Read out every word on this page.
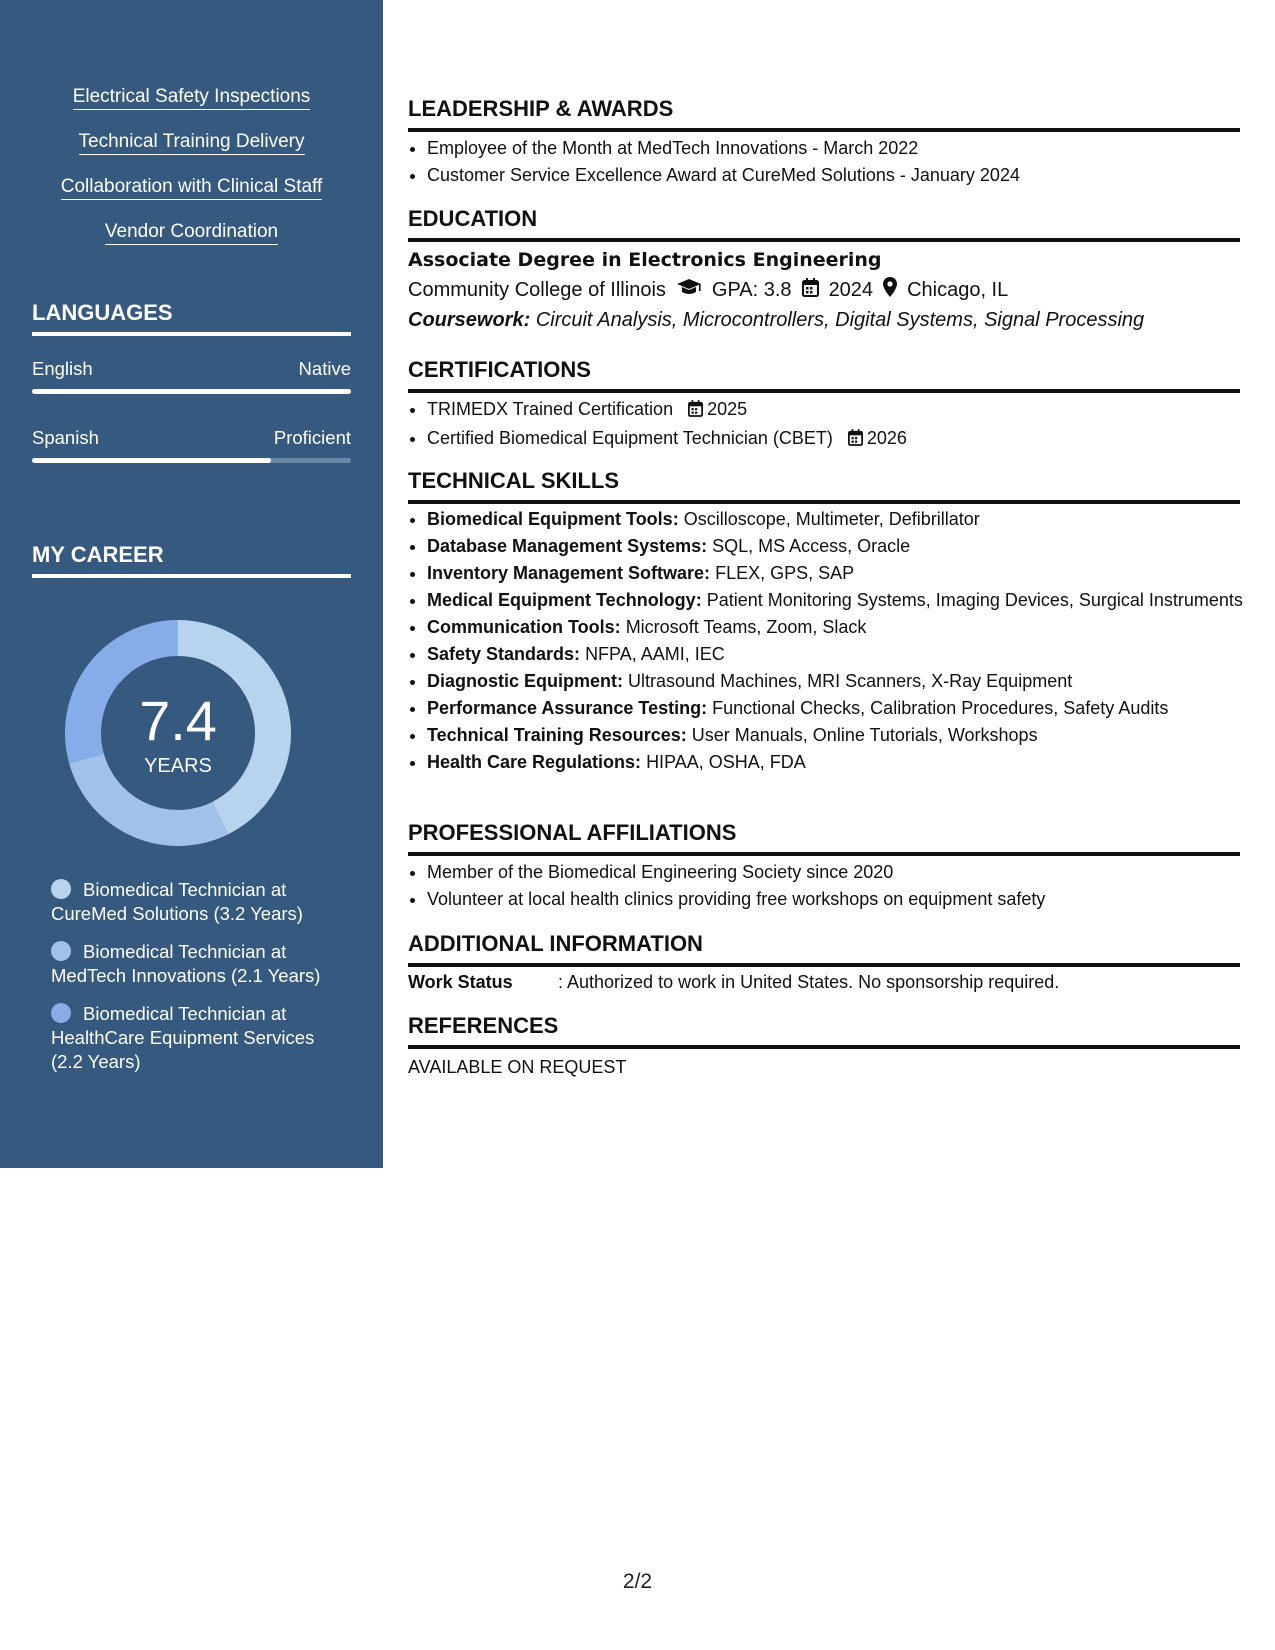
Electrical Safety Inspections
Technical Training Delivery
Collaboration with Clinical Staff
Vendor Coordination
LANGUAGES
English	Native
Spanish	Proficient
MY CAREER
7.4
YEARS
Biomedical Technician at CureMed Solutions (3.2 Years)
Biomedical Technician at MedTech Innovations (2.1 Years)
Biomedical Technician at HealthCare Equipment Services (2.2 Years)
LEADERSHIP & AWARDS
• Employee of the Month at MedTech Innovations - March 2022
• Customer Service Excellence Award at CureMed Solutions - January 2024
EDUCATION
Associate Degree in Electronics Engineering
Community College of Illinois GPA: 3.8 2024 Chicago, IL
Coursework: Circuit Analysis, Microcontrollers, Digital Systems, Signal Processing
CERTIFICATIONS
• TRIMEDX Trained Certification 2025
• Certified Biomedical Equipment Technician (CBET) 2026
TECHNICAL SKILLS
• Biomedical Equipment Tools: Oscilloscope, Multimeter, Defibrillator
• Database Management Systems: SQL, MS Access, Oracle
• Inventory Management Software: FLEX, GPS, SAP
• Medical Equipment Technology: Patient Monitoring Systems, Imaging Devices, Surgical Instruments
• Communication Tools: Microsoft Teams, Zoom, Slack
• Safety Standards: NFPA, AAMI, IEC
• Diagnostic Equipment: Ultrasound Machines, MRI Scanners, X-Ray Equipment
• Performance Assurance Testing: Functional Checks, Calibration Procedures, Safety Audits
• Technical Training Resources: User Manuals, Online Tutorials, Workshops
• Health Care Regulations: HIPAA, OSHA, FDA
PROFESSIONAL AFFILIATIONS
• Member of the Biomedical Engineering Society since 2020
• Volunteer at local health clinics providing free workshops on equipment safety
ADDITIONAL INFORMATION
Work Status	: Authorized to work in United States. No sponsorship required.
REFERENCES
AVAILABLE ON REQUEST
2/2
